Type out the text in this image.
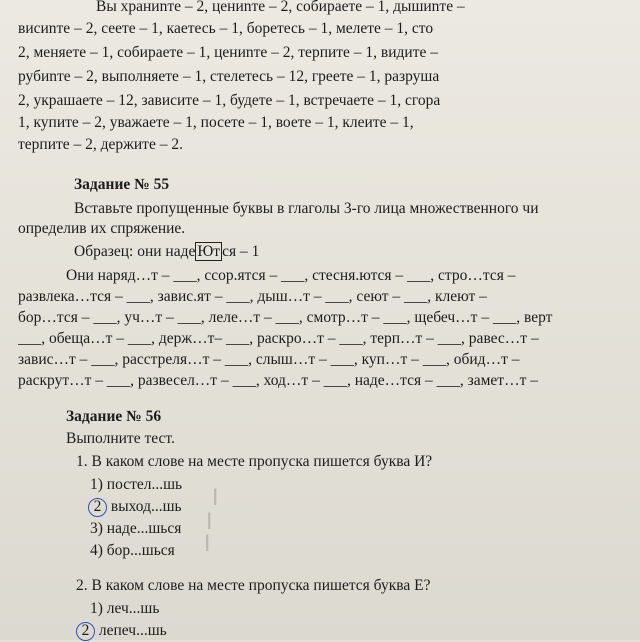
Вы храниnте – 2, цениnте – 2, собираете – 1, дышиnте –
висиnте – 2, сеете – 1, каетесь – 1, боретесь – 1, мелете – 1, сто
2, меняете – 1, собираете – 1, цениnте – 2, терпите – 1, видите –
рубиnте – 2, выполняете – 1, стелетесь – 12, греете – 1, разруша
2, украшаете – 12, зависите – 1, будете – 1, встречаете – 1, сгора
1, купите – 2, уважаете – 1, посете – 1, воете – 1, клеите – 1,
терпите – 2, держите – 2.
Задание № 55
Вставьте пропущенные буквы в глаголы 3-го лица множественного чи
определив их спряжение.
Образец: они наде Ют ся – 1
Они наряд…т – ___, ссор.ятся – ___, стесня.ются – ___, стро…тся –
развлека…тся – ___, завис.ят – ___, дыш…т – ___, сеют – ___, клеют –
бор…тся – ___, уч…т – ___, леле…т – ___, смотр…т – ___, щебеч…т – ___, верт
___, обеща…т – ___, держ…т– ___, раскро…т – ___, терп…т – ___, равес…т –
завис…т – ___, расстреля…т – ___, слыш…т – ___, куп…т – ___, обид…т –
раскрут…т – ___, развесел…т – ___, ход…т – ___, наде…тся – ___, замет…т –
Задание № 56
Выполните тест.
1. В каком слове на месте пропуска пишется буква И?
1) постел...шь
2 выход...шь
3) наде...шься
4) бор...шься
I
I
I
2. В каком слове на месте пропуска пишется буква Е?
1) леч...шь
2 лепеч...шь
